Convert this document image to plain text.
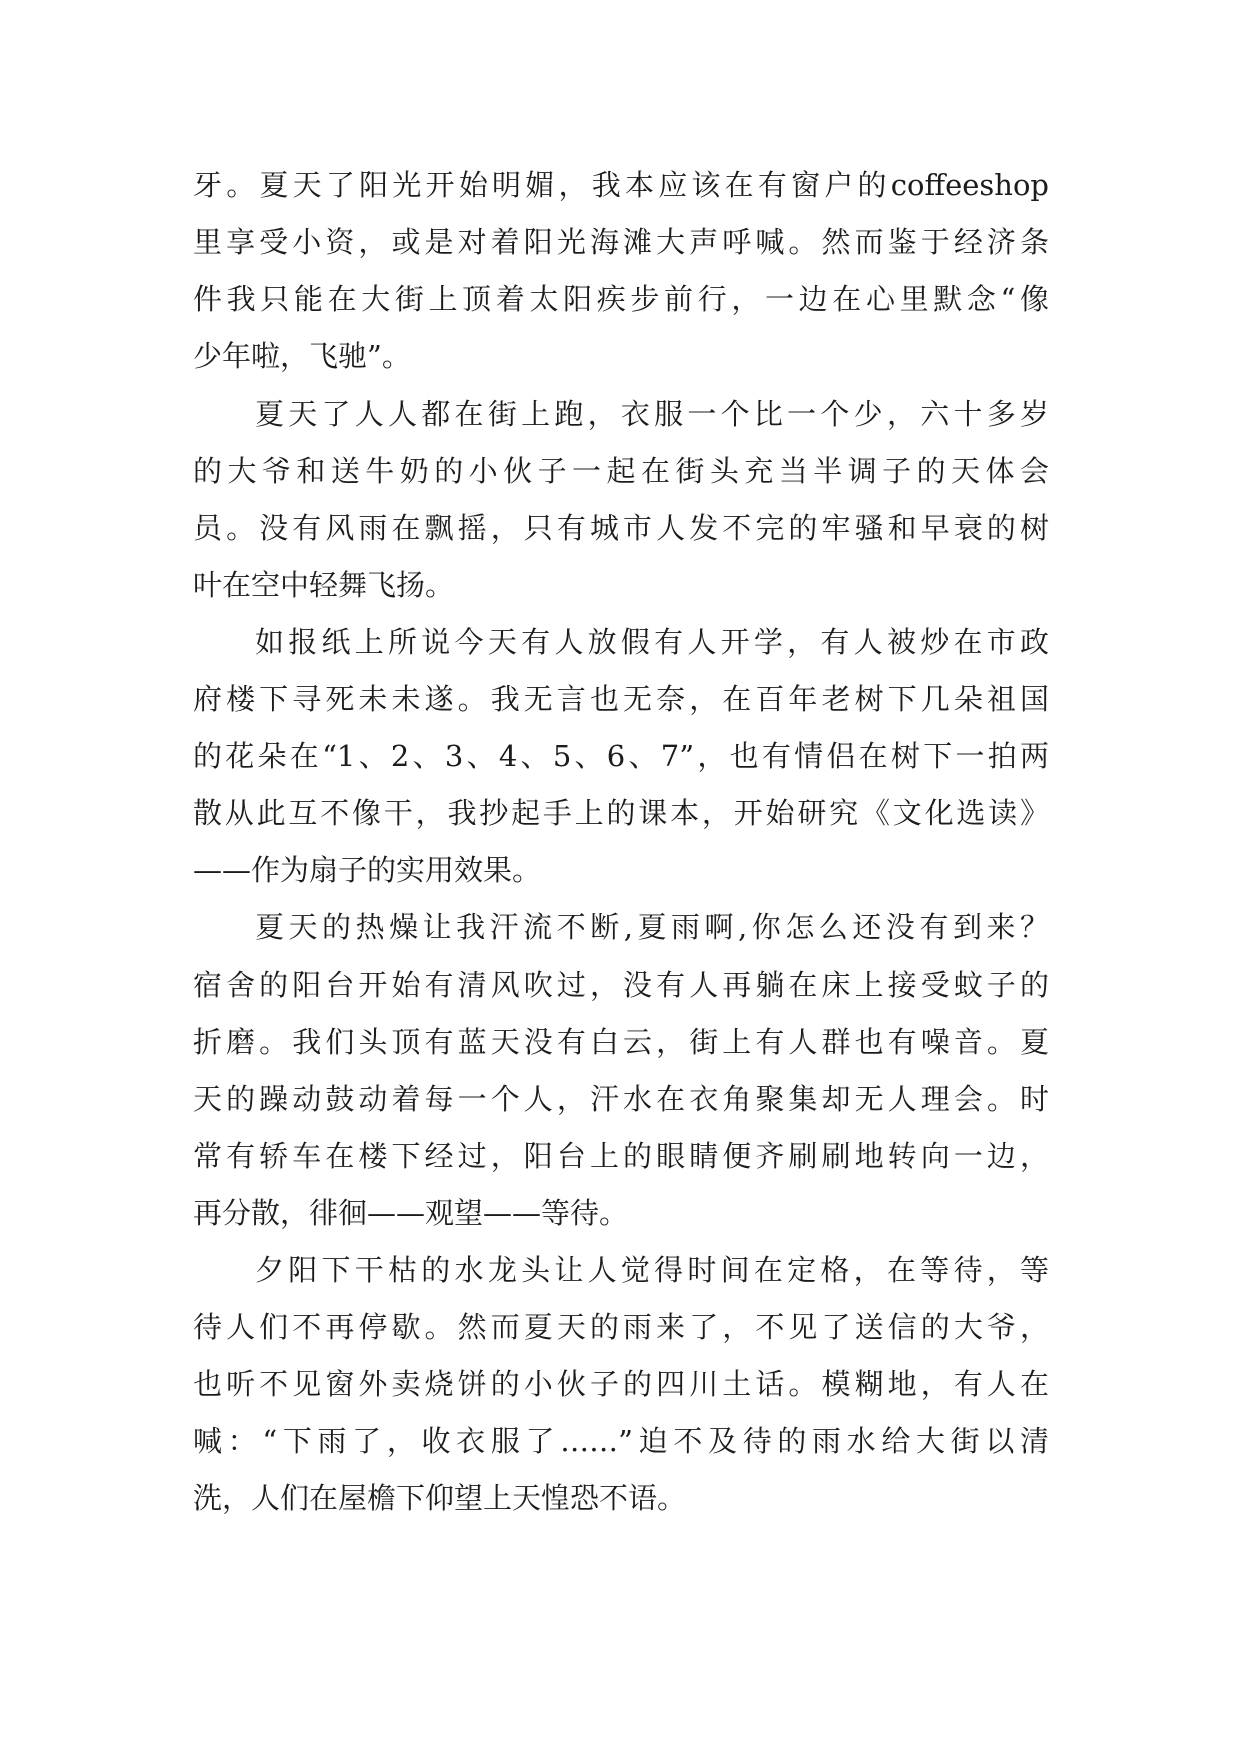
牙。夏天了阳光开始明媚，我本应该在有窗户的coffeeshop
里享受小资，或是对着阳光海滩大声呼喊。然而鉴于经济条
件我只能在大街上顶着太阳疾步前行，一边在心里默念“像
少年啦，飞驰”。
夏天了人人都在街上跑，衣服一个比一个少，六十多岁
的大爷和送牛奶的小伙子一起在街头充当半调子的天体会
员。没有风雨在飘摇，只有城市人发不完的牢骚和早衰的树
叶在空中轻舞飞扬。
如报纸上所说今天有人放假有人开学，有人被炒在市政
府楼下寻死未未遂。我无言也无奈，在百年老树下几朵祖国
的花朵在“1、2、3、4、5、6、7”，也有情侣在树下一拍两
散从此互不像干，我抄起手上的课本，开始研究《文化选读》
——作为扇子的实用效果。
夏天的热燥让我汗流不断,夏雨啊,你怎么还没有到来？
宿舍的阳台开始有清风吹过，没有人再躺在床上接受蚊子的
折磨。我们头顶有蓝天没有白云，街上有人群也有噪音。夏
天的躁动鼓动着每一个人，汗水在衣角聚集却无人理会。时
常有轿车在楼下经过，阳台上的眼睛便齐刷刷地转向一边，
再分散，徘徊——观望——等待。
夕阳下干枯的水龙头让人觉得时间在定格，在等待，等
待人们不再停歇。然而夏天的雨来了，不见了送信的大爷，
也听不见窗外卖烧饼的小伙子的四川土话。模糊地，有人在
喊：“下雨了，收衣服了……”迫不及待的雨水给大街以清
洗，人们在屋檐下仰望上天惶恐不语。
